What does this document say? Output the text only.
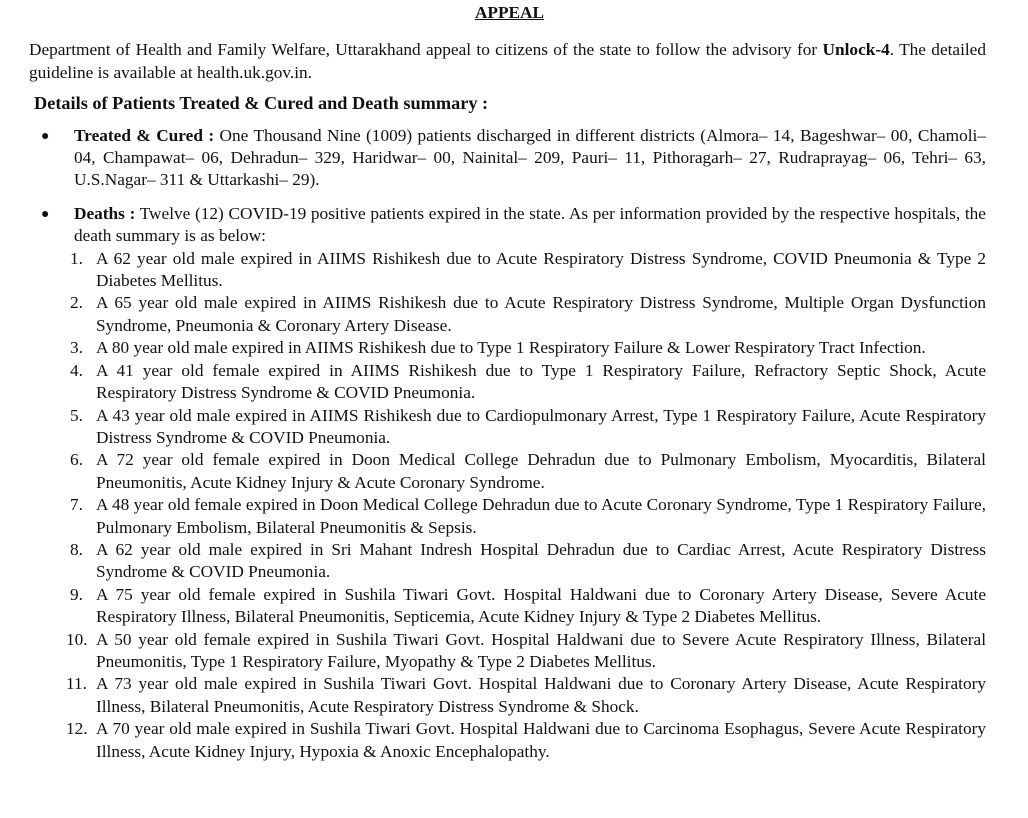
APPEAL

Department of Health and Family Welfare, Uttarakhand appeal to citizens of the state to follow the advisory for Unlock-4. The detailed guideline is available at health.uk.gov.in.

Details of Patients Treated & Cured and Death summary :
● Treated & Cured : One Thousand Nine (1009) patients discharged in different districts (Almora– 14, Bageshwar– 00, Chamoli– 04, Champawat– 06, Dehradun– 329, Haridwar– 00, Nainital– 209, Pauri– 11, Pithoragarh– 27, Rudraprayag– 06, Tehri– 63, U.S.Nagar– 311 & Uttarkashi– 29).
● Deaths : Twelve (12) COVID-19 positive patients expired in the state. As per information provided by the respective hospitals, the death summary is as below:
1. A 62 year old male expired in AIIMS Rishikesh due to Acute Respiratory Distress Syndrome, COVID Pneumonia & Type 2 Diabetes Mellitus.
2. A 65 year old male expired in AIIMS Rishikesh due to Acute Respiratory Distress Syndrome, Multiple Organ Dysfunction Syndrome, Pneumonia & Coronary Artery Disease.
3. A 80 year old male expired in AIIMS Rishikesh due to Type 1 Respiratory Failure & Lower Respiratory Tract Infection.
4. A 41 year old female expired in AIIMS Rishikesh due to Type 1 Respiratory Failure, Refractory Septic Shock, Acute Respiratory Distress Syndrome & COVID Pneumonia.
5. A 43 year old male expired in AIIMS Rishikesh due to Cardiopulmonary Arrest, Type 1 Respiratory Failure, Acute Respiratory Distress Syndrome & COVID Pneumonia.
6. A 72 year old female expired in Doon Medical College Dehradun due to Pulmonary Embolism, Myocarditis, Bilateral Pneumonitis, Acute Kidney Injury & Acute Coronary Syndrome.
7. A 48 year old female expired in Doon Medical College Dehradun due to Acute Coronary Syndrome, Type 1 Respiratory Failure, Pulmonary Embolism, Bilateral Pneumonitis & Sepsis.
8. A 62 year old male expired in Sri Mahant Indresh Hospital Dehradun due to Cardiac Arrest, Acute Respiratory Distress Syndrome & COVID Pneumonia.
9. A 75 year old female expired in Sushila Tiwari Govt. Hospital Haldwani due to Coronary Artery Disease, Severe Acute Respiratory Illness, Bilateral Pneumonitis, Septicemia, Acute Kidney Injury & Type 2 Diabetes Mellitus.
10. A 50 year old female expired in Sushila Tiwari Govt. Hospital Haldwani due to Severe Acute Respiratory Illness, Bilateral Pneumonitis, Type 1 Respiratory Failure, Myopathy & Type 2 Diabetes Mellitus.
11. A 73 year old male expired in Sushila Tiwari Govt. Hospital Haldwani due to Coronary Artery Disease, Acute Respiratory Illness, Bilateral Pneumonitis, Acute Respiratory Distress Syndrome & Shock.
12. A 70 year old male expired in Sushila Tiwari Govt. Hospital Haldwani due to Carcinoma Esophagus, Severe Acute Respiratory Illness, Acute Kidney Injury, Hypoxia & Anoxic Encephalopathy.
